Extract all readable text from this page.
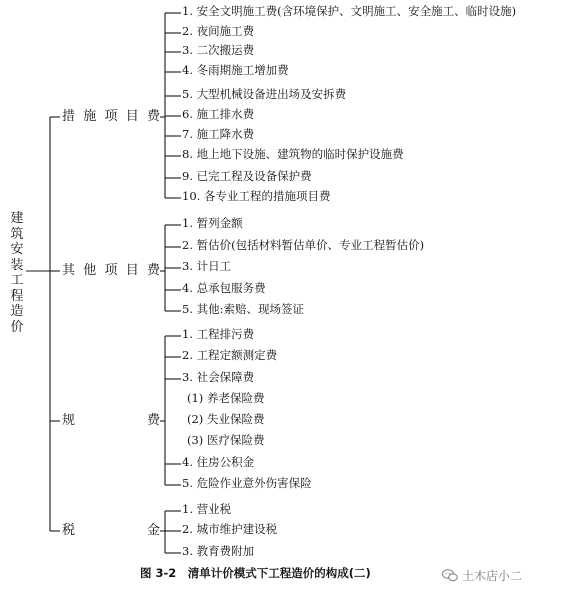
建
筑
安
装
工
程
造
价
措 施 项 目 费
其 他 项 目 费
规	费
税	金
1. 安全文明施工费(含环境保护、文明施工、安全施工、临时设施)
2. 夜间施工费
3. 二次搬运费
4. 冬雨期施工增加费
5. 大型机械设备进出场及安拆费
6. 施工排水费
7. 施工降水费
8. 地上地下设施、建筑物的临时保护设施费
9. 已完工程及设备保护费
10. 各专业工程的措施项目费
1. 暂列金额
2. 暂估价(包括材料暂估单价、专业工程暂估价)
3. 计日工
4. 总承包服务费
5. 其他:索赔、现场签证
1. 工程排污费
2. 工程定额测定费
3. 社会保障费
(1) 养老保险费
(2) 失业保险费
(3) 医疗保险费
4. 住房公积金
5. 危险作业意外伤害保险
1. 营业税
2. 城市维护建设税
3. 教育费附加
图 3-2　清单计价模式下工程造价的构成(二)	土木店小二
